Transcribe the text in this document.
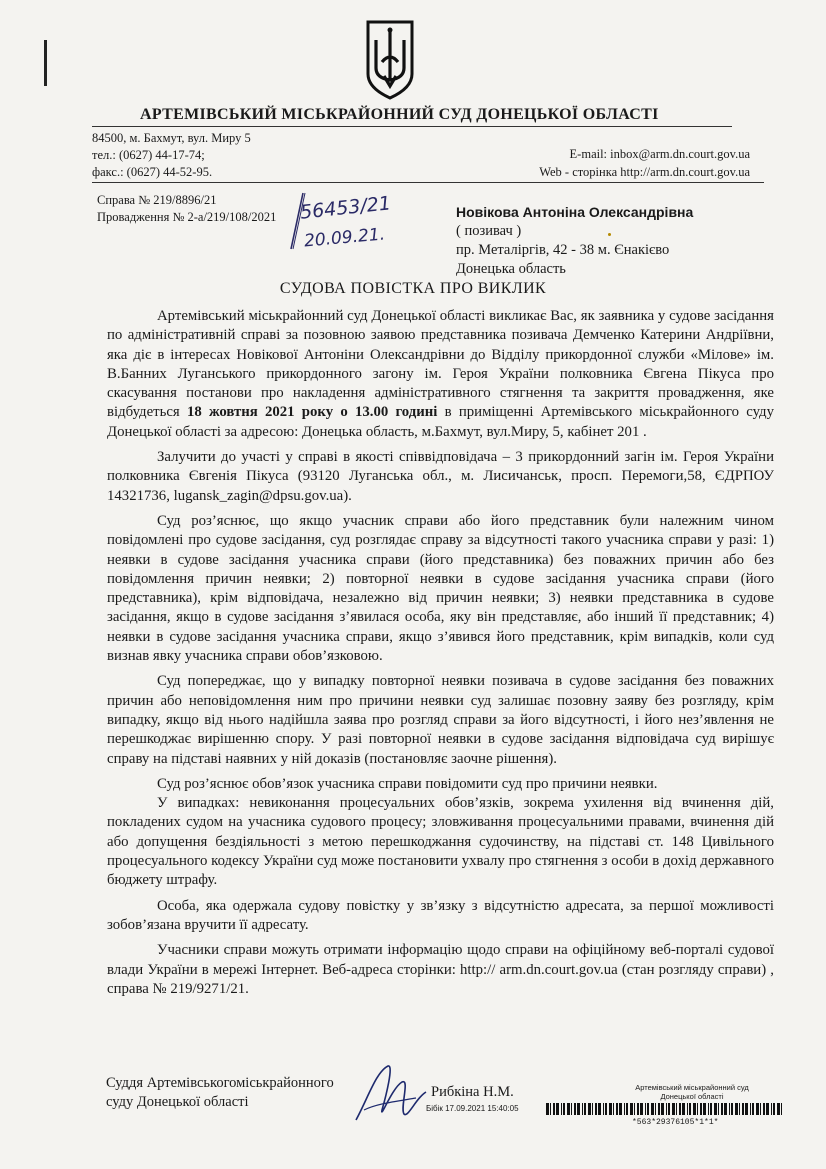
АРТЕМІВСЬКИЙ МІСЬКРАЙОННИЙ СУД ДОНЕЦЬКОЇ ОБЛАСТІ
84500, м. Бахмут, вул. Миру 5
тел.: (0627) 44-17-74;
факс.: (0627) 44-52-95.
E-mail: inbox@arm.dn.court.gov.ua
Web - сторінка http://arm.dn.court.gov.ua
Справа № 219/8896/21
Провадження № 2-а/219/108/2021 56453/21
20.09.21.
Новікова Антоніна Олександрівна
( позивач )
пр. Металіргів, 42 - 38 м. Єнакієво
Донецька область
СУДОВА ПОВІСТКА ПРО ВИКЛИК

Артемівський міськрайонний суд Донецької області викликає Вас, як заявника у судове засідання по адміністративній справі за позовною заявою представника позивача Демченко Катерини Андріївни, яка діє в інтересах Новікової Антоніни Олександрівни до Відділу прикордонної служби «Мілове» ім. В.Банних Луганського прикордонного загону ім. Героя України полковника Євгена Пікуса про скасування постанови про накладення адміністративного стягнення та закриття провадження, яке відбудеться 18 жовтня 2021 року о 13.00 годині в приміщенні Артемівського міськрайонного суду Донецької області за адресою: Донецька область, м.Бахмут, вул.Миру, 5, кабінет 201 .

Залучити до участі у справі в якості співвідповідача – 3 прикордонний загін ім. Героя України полковника Євгенія Пікуса (93120 Луганська обл., м. Лисичанськ, просп. Перемоги,58, ЄДРПОУ 14321736, lugansk_zagin@dpsu.gov.ua).

Суд роз’яснює, що якщо учасник справи або його представник були належним чином повідомлені про судове засідання, суд розглядає справу за відсутності такого учасника справи у разі: 1) неявки в судове засідання учасника справи (його представника) без поважних причин або без повідомлення причин неявки; 2) повторної неявки в судове засідання учасника справи (його представника), крім відповідача, незалежно від причин неявки; 3) неявки представника в судове засідання, якщо в судове засідання з’явилася особа, яку він представляє, або інший її представник; 4) неявки в судове засідання учасника справи, якщо з’явився його представник, крім випадків, коли суд визнав явку учасника справи обов’язковою.

Суд попереджає, що у випадку повторної неявки позивача в судове засідання без поважних причин або неповідомлення ним про причини неявки суд залишає позовну заяву без розгляду, крім випадку, якщо від нього надійшла заява про розгляд справи за його відсутності, і його нез’явлення не перешкоджає вирішенню спору. У разі повторної неявки в судове засідання відповідача суд вирішує справу на підставі наявних у ній доказів (постановляє заочне рішення).

Суд роз’яснює обов’язок учасника справи повідомити суд про причини неявки.

У випадках: невиконання процесуальних обов’язків, зокрема ухилення від вчинення дій, покладених судом на учасника судового процесу; зловживання процесуальними правами, вчинення дій або допущення бездіяльності з метою перешкоджання судочинству, на підставі ст. 148 Цивільного процесуального кодексу України суд може постановити ухвалу про стягнення з особи в дохід державного бюджету штрафу.

Особа, яка одержала судову повістку у зв’язку з відсутністю адресата, за першої можливості зобов’язана вручити її адресату.

Учасники справи можуть отримати інформацію щодо справи на офіційному веб-порталі судової влади України в мережі Інтернет. Веб-адреса сторінки: http:// arm.dn.court.gov.ua (стан розгляду справи) , справа № 219/9271/21.

Суддя Артемівськогоміськрайонного
суду Донецької області
Рибкіна Н.М.	Артемівський міськрайонний суд
Донецької області
Бібік 17.09.2021 15:40:05
*563*29376105*1*1*
